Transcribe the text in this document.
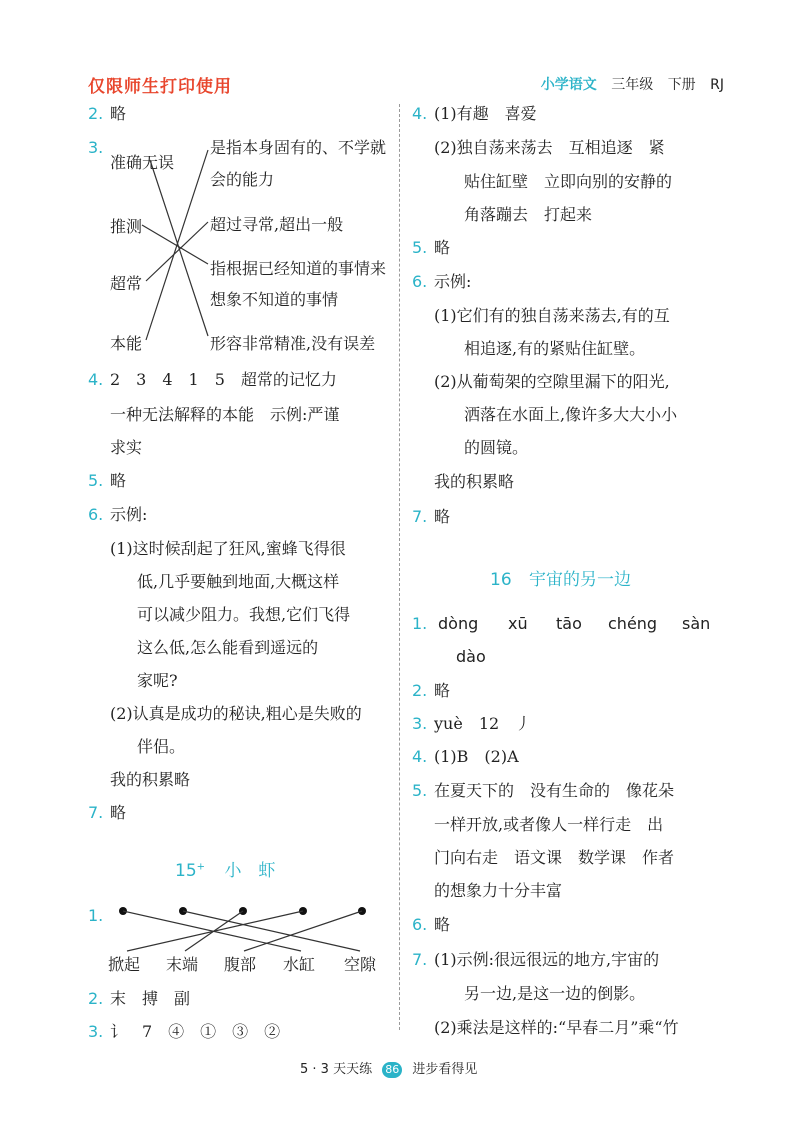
仅限师生打印使用	小学语文 三年级 下册 RJ
2. 略
3.
准确无误
推测
超常
本能
是指本身固有的、不学就
会的能力
超过寻常,超出一般
指根据已经知道的事情来
想象不知道的事情
形容非常精准,没有误差
4. 2　3　4　1　5　超常的记忆力
一种无法解释的本能　示例:严谨
求实
5. 略
6. 示例:
(1)这时候刮起了狂风,蜜蜂飞得很
低,几乎要触到地面,大概这样
可以减少阻力。我想,它们飞得
这么低,怎么能看到遥远的
家呢?
(2)认真是成功的秘诀,粗心是失败的
伴侣。
我的积累略
7. 略
15+ 小　虾
1.
掀起 末端 腹部 水缸 空隙
2. 末　搏　副
3. 讠　7　④　①　③　②
4. (1)有趣　喜爱
(2)独自荡来荡去　互相追逐　紧
贴住缸壁　立即向别的安静的
角落蹦去　打起来
5. 略
6. 示例:
(1)它们有的独自荡来荡去,有的互
相追逐,有的紧贴住缸壁。
(2)从葡萄架的空隙里漏下的阳光,
洒落在水面上,像许多大大小小
的圆镜。
我的积累略
7. 略
16 宇宙的另一边
1. dòng xū tāo chéng sàn
dào
2. 略
3. yuè　12　丿
4. (1)B　(2)A
5. 在夏天下的　没有生命的　像花朵
一样开放,或者像人一样行走　出
门向右走　语文课　数学课　作者
的想象力十分丰富
6. 略
7. (1)示例:很远很远的地方,宇宙的
另一边,是这一边的倒影。
(2)乘法是这样的:“早春二月”乘“竹
5 · 3 天天练 86 进步看得见
